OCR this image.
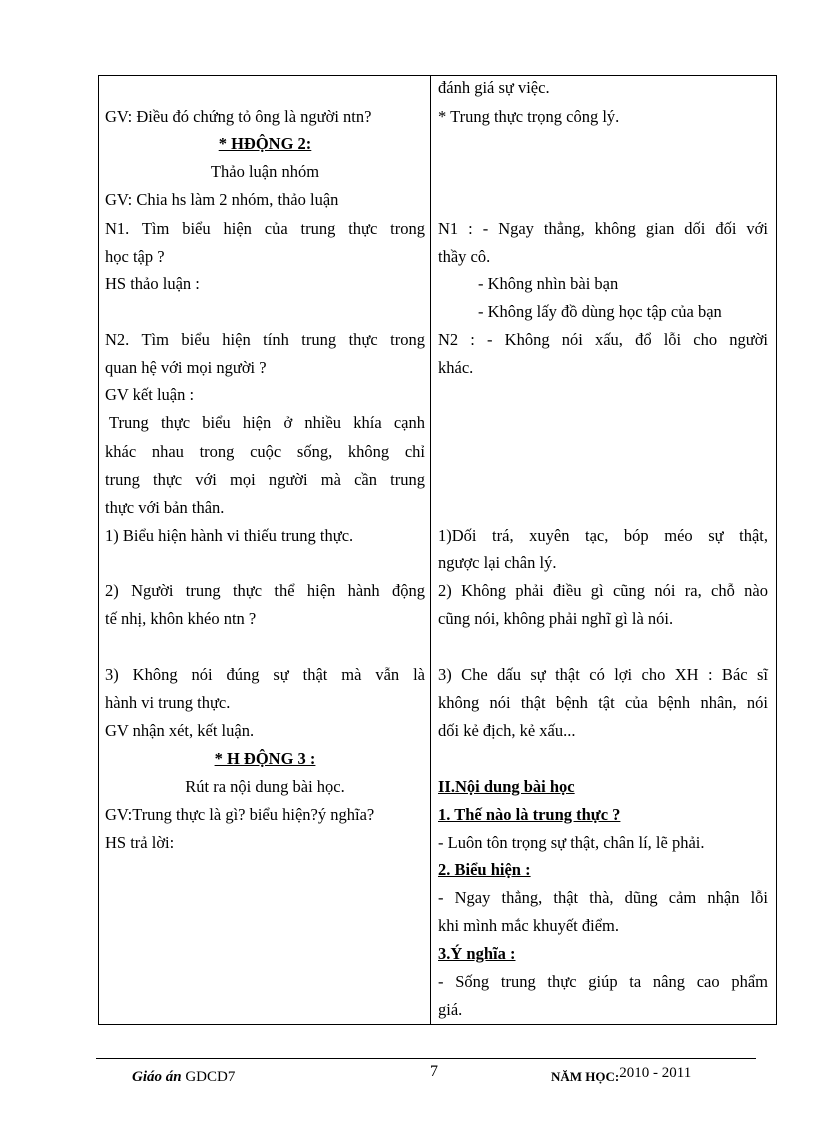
GV: Điều đó chứng tỏ ông là người ntn?
* HĐỘNG 2:
Thảo luận nhóm
GV: Chia hs làm 2 nhóm, thảo luận
N1. Tìm biểu hiện của trung thực trong
học tập ?
HS thảo luận :
N2. Tìm biểu hiện tính trung thực trong
quan hệ với mọi người ?
GV kết luận :
Trung thực biểu hiện ở nhiều khía cạnh
khác nhau trong cuộc sống, không chỉ
trung thực với mọi người mà cần trung
thực với bản thân.
1) Biểu hiện hành vi thiếu trung thực.
2) Người trung thực thể hiện hành động
tế nhị, khôn khéo ntn ?
3) Không nói đúng sự thật mà vẫn là
hành vi trung thực.
GV nhận xét, kết luận.
* H ĐỘNG 3 :
Rút ra nội dung bài học.
GV:Trung thực là gì? biểu hiện?ý nghĩa?
HS trả lời:
đánh giá sự việc.
* Trung thực trọng công lý.
N1 : - Ngay thẳng, không gian dối đối với
thầy cô.
- Không nhìn bài bạn
- Không lấy đồ dùng học tập của bạn
N2 : - Không nói xấu, đổ lỗi cho người
khác.
1)Dối trá, xuyên tạc, bóp méo sự thật,
ngược lại chân lý.
2) Không phải điều gì cũng nói ra, chỗ nào
cũng nói, không phải nghĩ gì là nói.
3) Che dấu sự thật có lợi cho XH : Bác sĩ
không nói thật bệnh tật của bệnh nhân, nói
dối kẻ địch, kẻ xấu...
II.Nội dung bài học
1. Thế nào là trung thực ?
- Luôn tôn trọng sự thật, chân lí, lẽ phải.
2. Biểu hiện :
- Ngay thẳng, thật thà, dũng cảm nhận lỗi
khi mình mắc khuyết điểm.
3.Ý nghĩa :
- Sống trung thực giúp ta nâng cao phẩm
giá.
Giáo án GDCD7	7	NĂM HỌC:2010 - 2011
